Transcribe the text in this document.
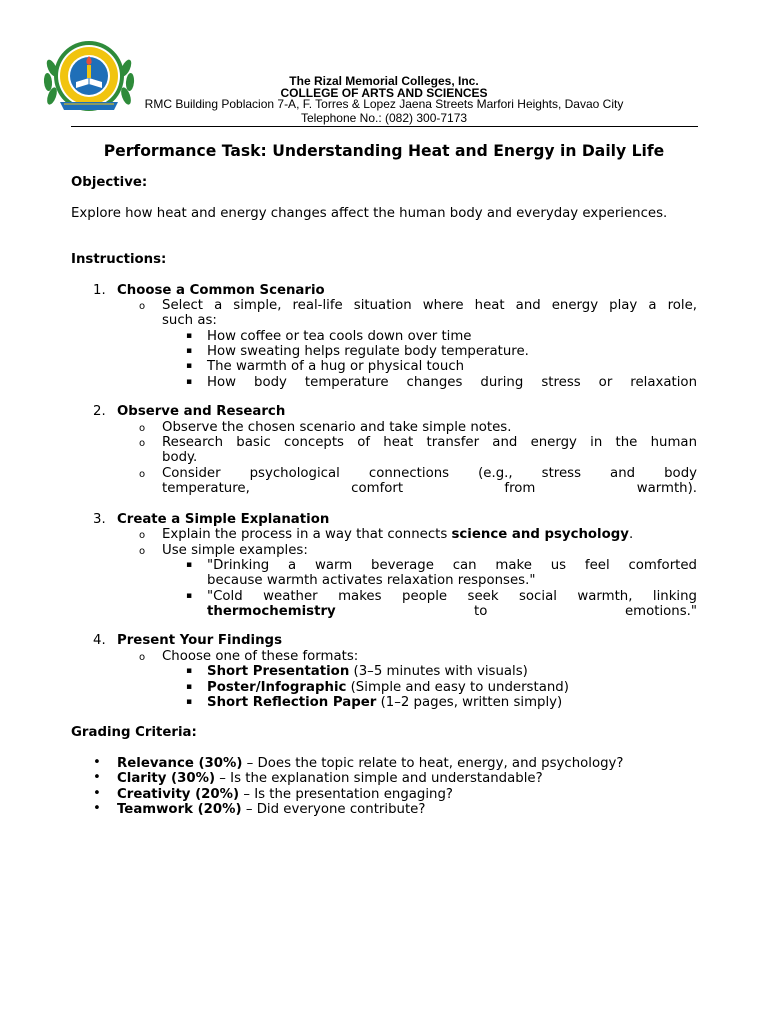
The Rizal Memorial Colleges, Inc.
COLLEGE OF ARTS AND SCIENCES
RMC Building Poblacion 7-A, F. Torres & Lopez Jaena Streets Marfori Heights, Davao City
Telephone No.: (082) 300-7173
Performance Task: Understanding Heat and Energy in Daily Life
Objective:
Explore how heat and energy changes affect the human body and everyday experiences.
Instructions:
1. Choose a Common Scenario
o Select a simple, real-life situation where heat and energy play a role,
such as:
▪ How coffee or tea cools down over time
▪ How sweating helps regulate body temperature.
▪ The warmth of a hug or physical touch
▪ How body temperature changes during stress or relaxation
2. Observe and Research
o Observe the chosen scenario and take simple notes.
o Research basic concepts of heat transfer and energy in the human
body.
o Consider psychological connections (e.g., stress and body
temperature, comfort from warmth).
3. Create a Simple Explanation
o Explain the process in a way that connects science and psychology.
o Use simple examples:
▪ "Drinking a warm beverage can make us feel comforted
because warmth activates relaxation responses."
▪ "Cold weather makes people seek social warmth, linking
thermochemistry	to	emotions."
4. Present Your Findings
o Choose one of these formats:
▪ Short Presentation (3–5 minutes with visuals)
▪ Poster/Infographic (Simple and easy to understand)
▪ Short Reflection Paper (1–2 pages, written simply)
Grading Criteria:
• Relevance (30%) – Does the topic relate to heat, energy, and psychology?
• Clarity (30%) – Is the explanation simple and understandable?
• Creativity (20%) – Is the presentation engaging?
• Teamwork (20%) – Did everyone contribute?
